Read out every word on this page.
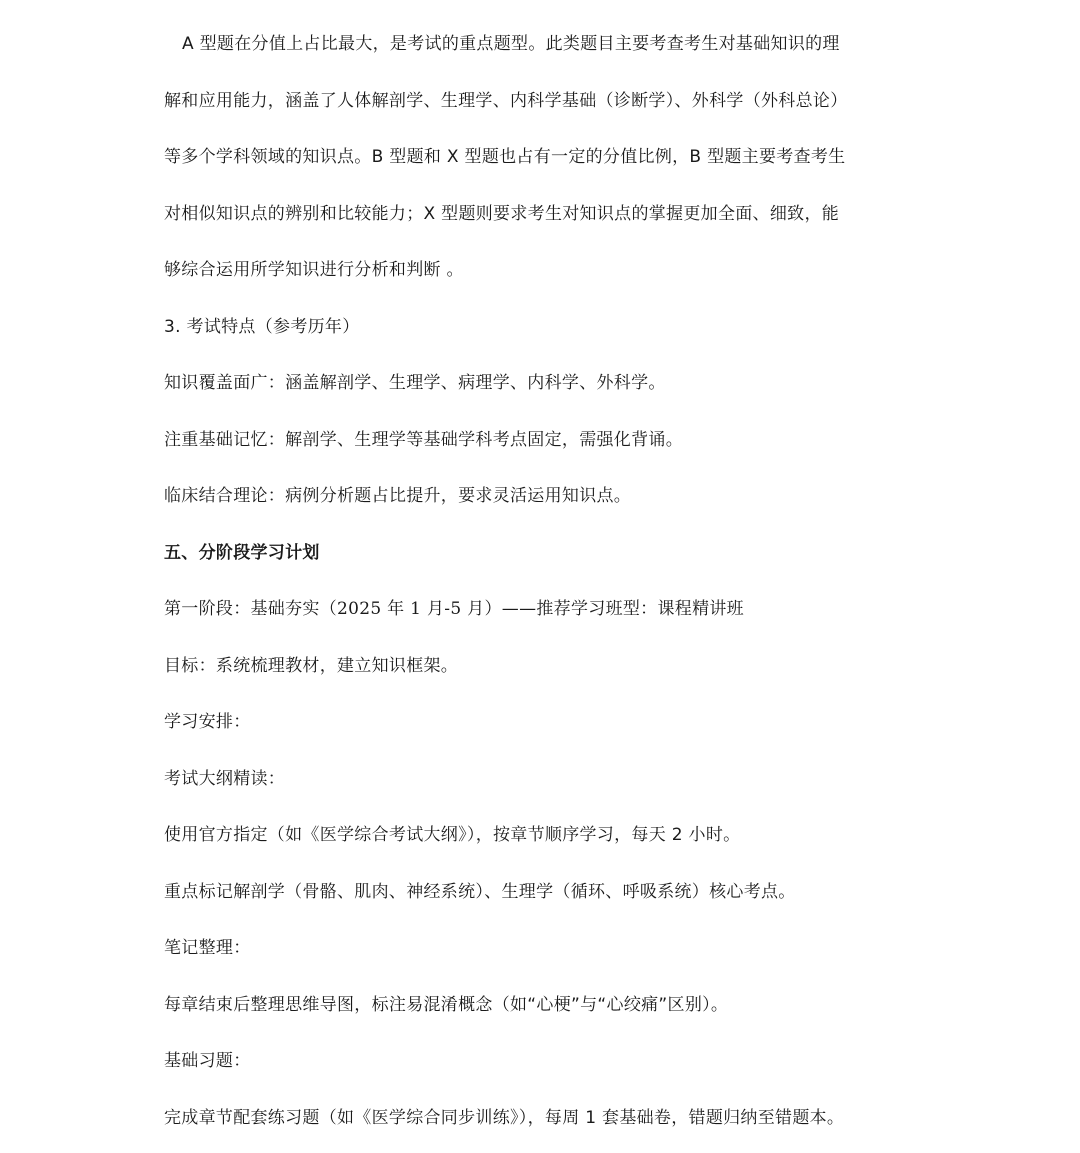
A 型题在分值上占比最大，是考试的重点题型。此类题目主要考查考生对基础知识的理
解和应用能力，涵盖了人体解剖学、生理学、内科学基础（诊断学）、外科学（外科总论）
等多个学科领域的知识点。B 型题和 X 型题也占有一定的分值比例，B 型题主要考查考生
对相似知识点的辨别和比较能力；X 型题则要求考生对知识点的掌握更加全面、细致，能
够综合运用所学知识进行分析和判断 。
3. 考试特点（参考历年）
知识覆盖面广：涵盖解剖学、生理学、病理学、内科学、外科学。
注重基础记忆：解剖学、生理学等基础学科考点固定，需强化背诵。
临床结合理论：病例分析题占比提升，要求灵活运用知识点。
五、分阶段学习计划
第一阶段：基础夯实（2025 年 1 月-5 月）——推荐学习班型：课程精讲班
目标：系统梳理教材，建立知识框架。
学习安排：
考试大纲精读：
使用官方指定（如《医学综合考试大纲》），按章节顺序学习，每天 2 小时。
重点标记解剖学（骨骼、肌肉、神经系统）、生理学（循环、呼吸系统）核心考点。
笔记整理：
每章结束后整理思维导图，标注易混淆概念（如“心梗”与“心绞痛”区别）。
基础习题：
完成章节配套练习题（如《医学综合同步训练》），每周 1 套基础卷，错题归纳至错题本。
